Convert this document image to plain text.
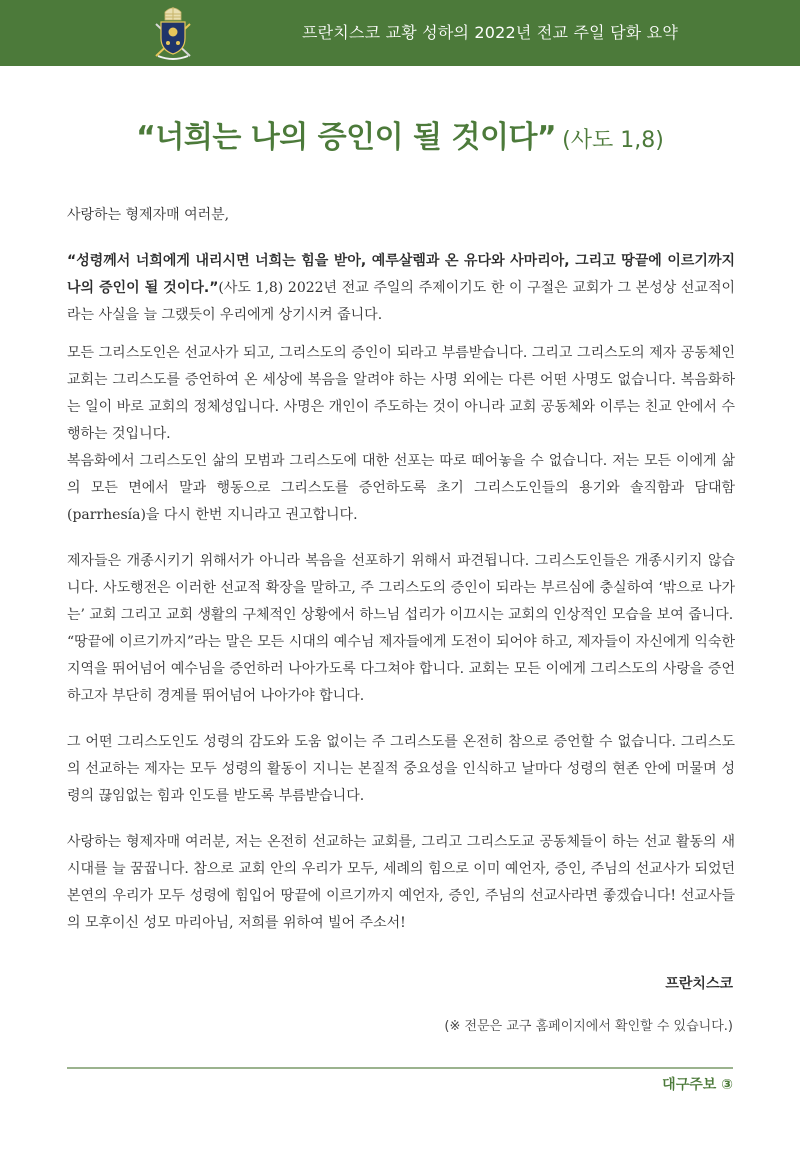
프란치스코 교황 성하의 2022년 전교 주일 담화 요약
“너희는 나의 증인이 될 것이다” (사도 1,8)

사랑하는 형제자매 여러분,

“성령께서 너희에게 내리시면 너희는 힘을 받아, 예루살렘과 온 유다와 사마리아, 그리고 땅끝에 이르기까지 나의 증인이 될 것이다.”(사도 1,8) 2022년 전교 주일의 주제이기도 한 이 구절은 교회가 그 본성상 선교적이라는 사실을 늘 그랬듯이 우리에게 상기시켜 줍니다.

모든 그리스도인은 선교사가 되고, 그리스도의 증인이 되라고 부름받습니다. 그리고 그리스도의 제자 공동체인 교회는 그리스도를 증언하여 온 세상에 복음을 알려야 하는 사명 외에는 다른 어떤 사명도 없습니다. 복음화하는 일이 바로 교회의 정체성입니다. 사명은 개인이 주도하는 것이 아니라 교회 공동체와 이루는 친교 안에서 수행하는 것입니다.

복음화에서 그리스도인 삶의 모범과 그리스도에 대한 선포는 따로 떼어놓을 수 없습니다. 저는 모든 이에게 삶의 모든 면에서 말과 행동으로 그리스도를 증언하도록 초기 그리스도인들의 용기와 솔직함과 담대함(parrhesía)을 다시 한번 지니라고 권고합니다.

제자들은 개종시키기 위해서가 아니라 복음을 선포하기 위해서 파견됩니다. 그리스도인들은 개종시키지 않습니다. 사도행전은 이러한 선교적 확장을 말하고, 주 그리스도의 증인이 되라는 부르심에 충실하여 ‘밖으로 나가는’ 교회 그리고 교회 생활의 구체적인 상황에서 하느님 섭리가 이끄시는 교회의 인상적인 모습을 보여 줍니다.

“땅끝에 이르기까지”라는 말은 모든 시대의 예수님 제자들에게 도전이 되어야 하고, 제자들이 자신에게 익숙한 지역을 뛰어넘어 예수님을 증언하러 나아가도록 다그쳐야 합니다. 교회는 모든 이에게 그리스도의 사랑을 증언하고자 부단히 경계를 뛰어넘어 나아가야 합니다.

그 어떤 그리스도인도 성령의 감도와 도움 없이는 주 그리스도를 온전히 참으로 증언할 수 없습니다. 그리스도의 선교하는 제자는 모두 성령의 활동이 지니는 본질적 중요성을 인식하고 날마다 성령의 현존 안에 머물며 성령의 끊임없는 힘과 인도를 받도록 부름받습니다.

사랑하는 형제자매 여러분, 저는 온전히 선교하는 교회를, 그리고 그리스도교 공동체들이 하는 선교 활동의 새 시대를 늘 꿈꿉니다. 참으로 교회 안의 우리가 모두, 세례의 힘으로 이미 예언자, 증인, 주님의 선교사가 되었던 본연의 우리가 모두 성령에 힘입어 땅끝에 이르기까지 예언자, 증인, 주님의 선교사라면 좋겠습니다! 선교사들의 모후이신 성모 마리아님, 저희를 위하여 빌어 주소서!

프란치스코
(※ 전문은 교구 홈페이지에서 확인할 수 있습니다.)
대구주보 ③
